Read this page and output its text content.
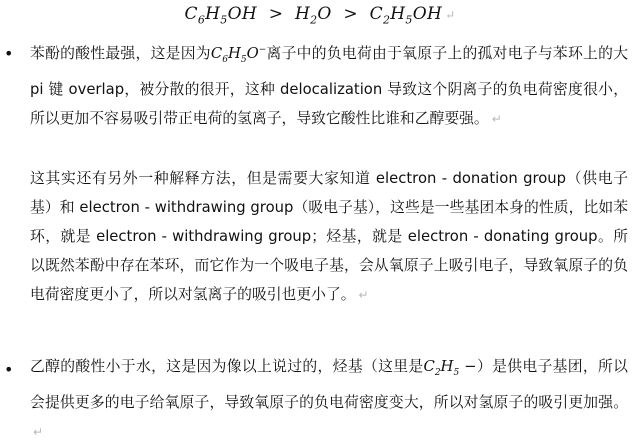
$C_6H_5OH > H_2O > C_2H_5OH$ ↵
• 苯酚的酸性最强，这是因为$C_6H_5O^-$离子中的负电荷由于氧原子上的孤对电子与苯环上的大 pi 键 overlap，被分散的很开，这种 delocalization 导致这个阴离子的负电荷密度很小，所以更加不容易吸引带正电荷的氢离子，导致它酸性比谁和乙醇要强。 ↵
这其实还有另外一种解释方法，但是需要大家知道 electron - donation group（供电子基）和 electron - withdrawing group（吸电子基），这些是一些基团本身的性质，比如苯环，就是 electron - withdrawing group；烃基，就是 electron - donating group。所以既然苯酚中存在苯环，而它作为一个吸电子基，会从氧原子上吸引电子，导致氧原子的负电荷密度更小了，所以对氢离子的吸引也更小了。 ↵
• 乙醇的酸性小于水，这是因为像以上说过的，烃基（这里是$C_2H_5$ −）是供电子基团，所以会提供更多的电子给氧原子，导致氧原子的负电荷密度变大，所以对氢原子的吸引更加强。↵
